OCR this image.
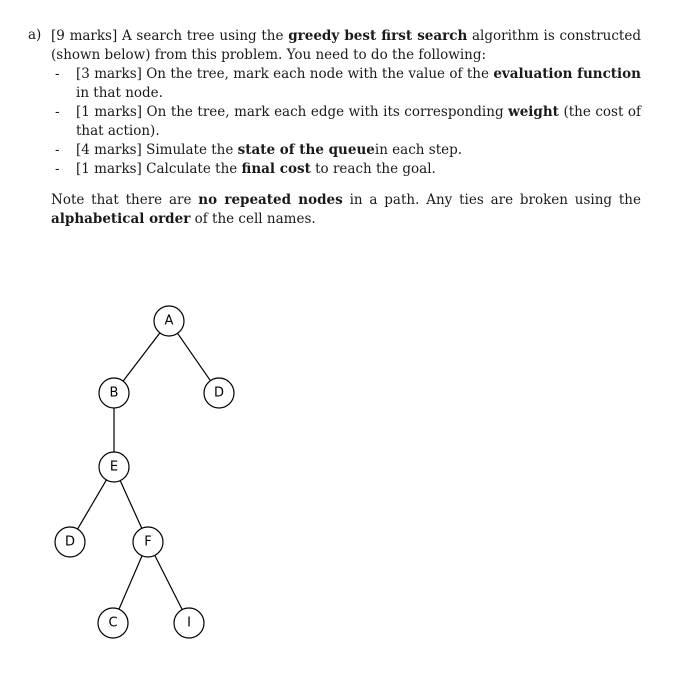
a) [9 marks] A search tree using the greedy best first search algorithm is constructed (shown below) from this problem. You need to do the following:

- [3 marks] On the tree, mark each node with the value of the evaluation function in that node.
- [1 marks] On the tree, mark each edge with its corresponding weight (the cost of that action).
- [4 marks] Simulate the state of the queuein each step.
- [1 marks] Calculate the final cost to reach the goal.

Note that there are no repeated nodes in a path. Any ties are broken using the alphabetical order of the cell names.

A
B	D
E
D	F
C	I
